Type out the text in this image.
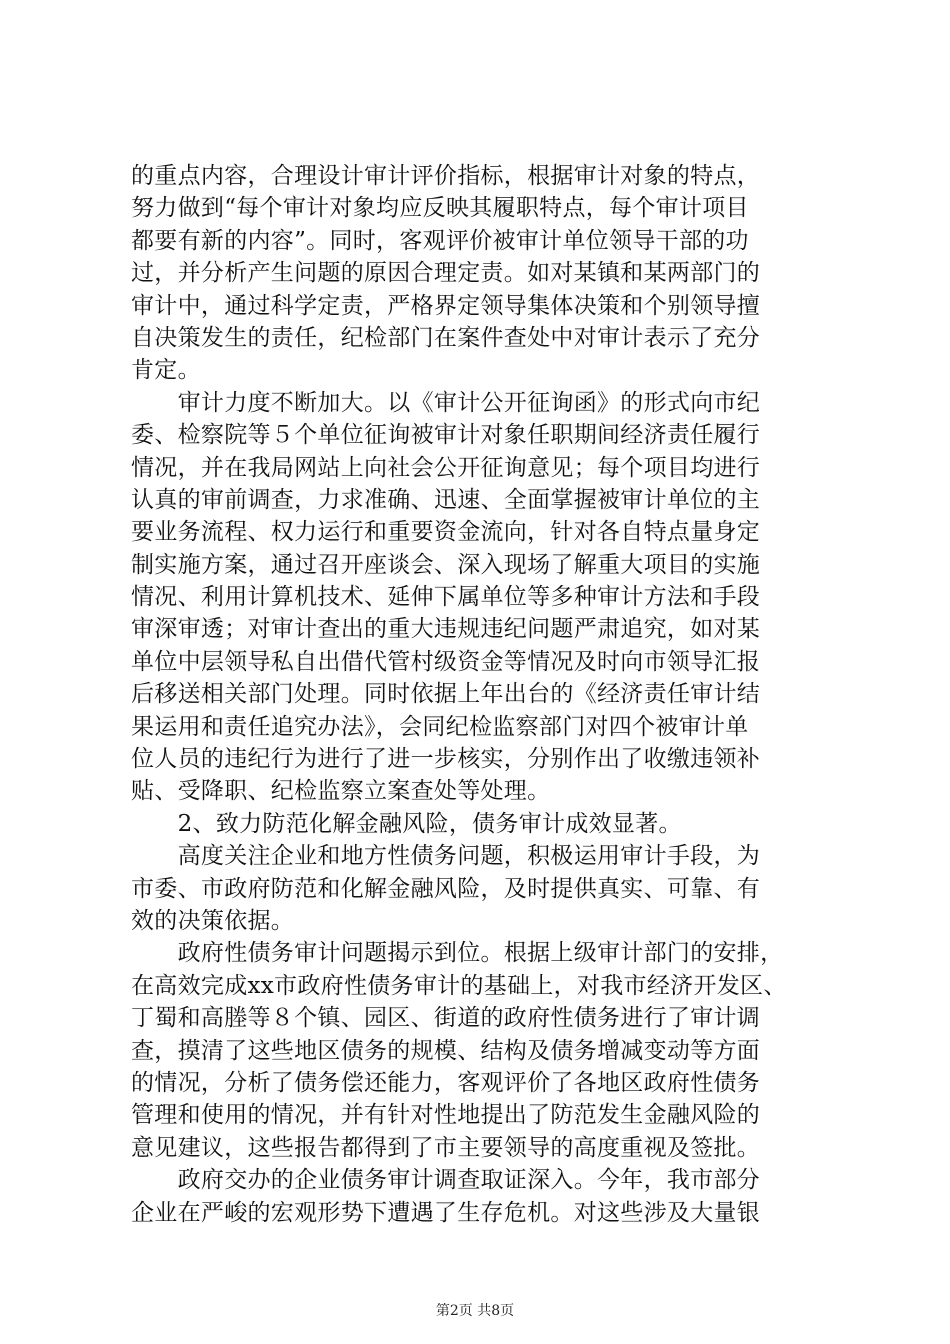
的重点内容，合理设计审计评价指标，根据审计对象的特点，
努力做到“每个审计对象均应反映其履职特点，每个审计项目
都要有新的内容”。同时，客观评价被审计单位领导干部的功
过，并分析产生问题的原因合理定责。如对某镇和某两部门的
审计中，通过科学定责，严格界定领导集体决策和个别领导擅
自决策发生的责任，纪检部门在案件查处中对审计表示了充分
肯定。
　　审计力度不断加大。以《审计公开征询函》的形式向市纪
委、检察院等５个单位征询被审计对象任职期间经济责任履行
情况，并在我局网站上向社会公开征询意见；每个项目均进行
认真的审前调查，力求准确、迅速、全面掌握被审计单位的主
要业务流程、权力运行和重要资金流向，针对各自特点量身定
制实施方案，通过召开座谈会、深入现场了解重大项目的实施
情况、利用计算机技术、延伸下属单位等多种审计方法和手段
审深审透；对审计查出的重大违规违纪问题严肃追究，如对某
单位中层领导私自出借代管村级资金等情况及时向市领导汇报
后移送相关部门处理。同时依据上年出台的《经济责任审计结
果运用和责任追究办法》，会同纪检监察部门对四个被审计单
位人员的违纪行为进行了进一步核实，分别作出了收缴违领补
贴、受降职、纪检监察立案查处等处理。
　　2、致力防范化解金融风险，债务审计成效显著。
　　高度关注企业和地方性债务问题，积极运用审计手段，为
市委、市政府防范和化解金融风险，及时提供真实、可靠、有
效的决策依据。
　　政府性债务审计问题揭示到位。根据上级审计部门的安排，
在高效完成xx市政府性债务审计的基础上，对我市经济开发区、
丁蜀和高塍等８个镇、园区、街道的政府性债务进行了审计调
查，摸清了这些地区债务的规模、结构及债务增减变动等方面
的情况，分析了债务偿还能力，客观评价了各地区政府性债务
管理和使用的情况，并有针对性地提出了防范发生金融风险的
意见建议，这些报告都得到了市主要领导的高度重视及签批。
　　政府交办的企业债务审计调查取证深入。今年，我市部分
企业在严峻的宏观形势下遭遇了生存危机。对这些涉及大量银
第2页 共8页
